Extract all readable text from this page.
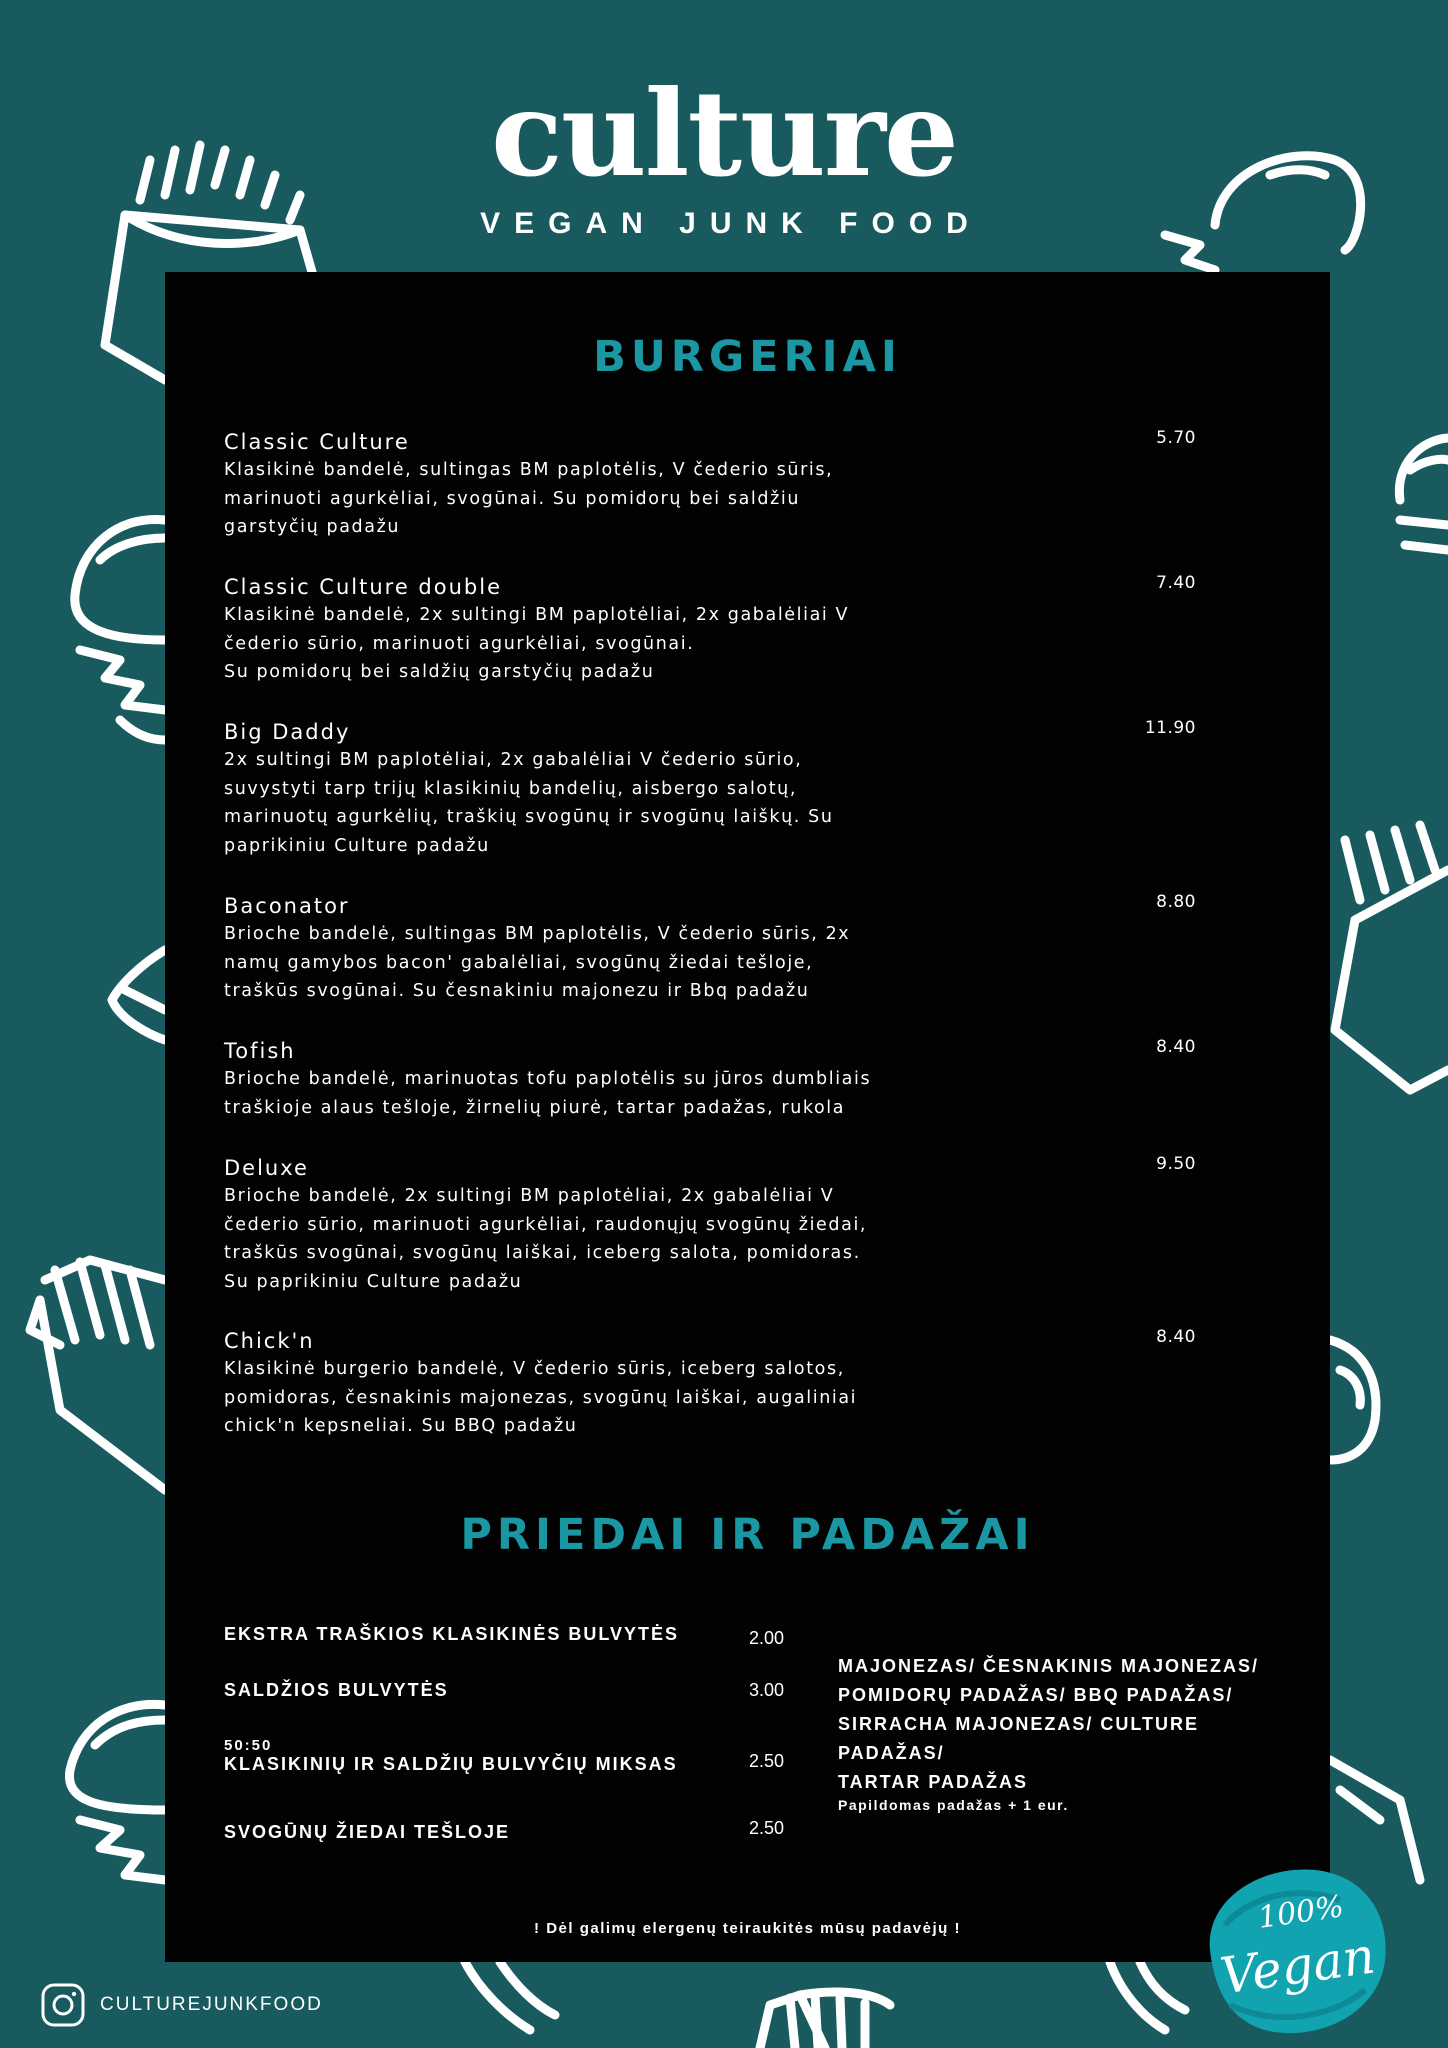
culture
VEGAN JUNK FOOD
BURGERIAI
Classic Culture
Klasikinė bandelė, sultingas BM paplotėlis, V čederio sūris,
marinuoti agurkėliai, svogūnai. Su pomidorų bei saldžiu
garstyčių padažu
5.70
Classic Culture double
Klasikinė bandelė, 2x sultingi BM paplotėliai, 2x gabalėliai V
čederio sūrio, marinuoti agurkėliai, svogūnai.
Su pomidorų bei saldžių garstyčių padažu
7.40
Big Daddy
2x sultingi BM paplotėliai, 2x gabalėliai V čederio sūrio,
suvystyti tarp trijų klasikinių bandelių, aisbergo salotų,
marinuotų agurkėlių, traškių svogūnų ir svogūnų laiškų. Su
paprikiniu Culture padažu
11.90
Baconator
Brioche bandelė, sultingas BM paplotėlis, V čederio sūris, 2x
namų gamybos bacon' gabalėliai, svogūnų žiedai tešloje,
traškūs svogūnai. Su česnakiniu majonezu ir Bbq padažu
8.80
Tofish
Brioche bandelė, marinuotas tofu paplotėlis su jūros dumbliais
traškioje alaus tešloje, žirnelių piurė, tartar padažas, rukola
8.40
Deluxe
Brioche bandelė, 2x sultingi BM paplotėliai, 2x gabalėliai V
čederio sūrio, marinuoti agurkėliai, raudonųjų svogūnų žiedai,
traškūs svogūnai, svogūnų laiškai, iceberg salota, pomidoras.
Su paprikiniu Culture padažu
9.50
Chick'n
Klasikinė burgerio bandelė, V čederio sūris, iceberg salotos,
pomidoras, česnakinis majonezas, svogūnų laiškai, augaliniai
chick'n kepsneliai. Su BBQ padažu
8.40
PRIEDAI IR PADAŽAI
EKSTRA TRAŠKIOS KLASIKINĖS BULVYTĖS	2.00
SALDŽIOS BULVYTĖS	3.00
50:50
KLASIKINIŲ IR SALDŽIŲ BULVYČIŲ MIKSAS	2.50
SVOGŪNŲ ŽIEDAI TEŠLOJE	2.50
MAJONEZAS/ ČESNAKINIS MAJONEZAS/
POMIDORŲ PADAŽAS/ BBQ PADAŽAS/
SIRRACHA MAJONEZAS/ CULTURE PADAŽAS/
TARTAR PADAŽAS
Papildomas padažas + 1 eur.
! Dėl galimų elergenų teiraukitės mūsų padavėjų !
CULTUREJUNKFOOD
100%
Vegan
